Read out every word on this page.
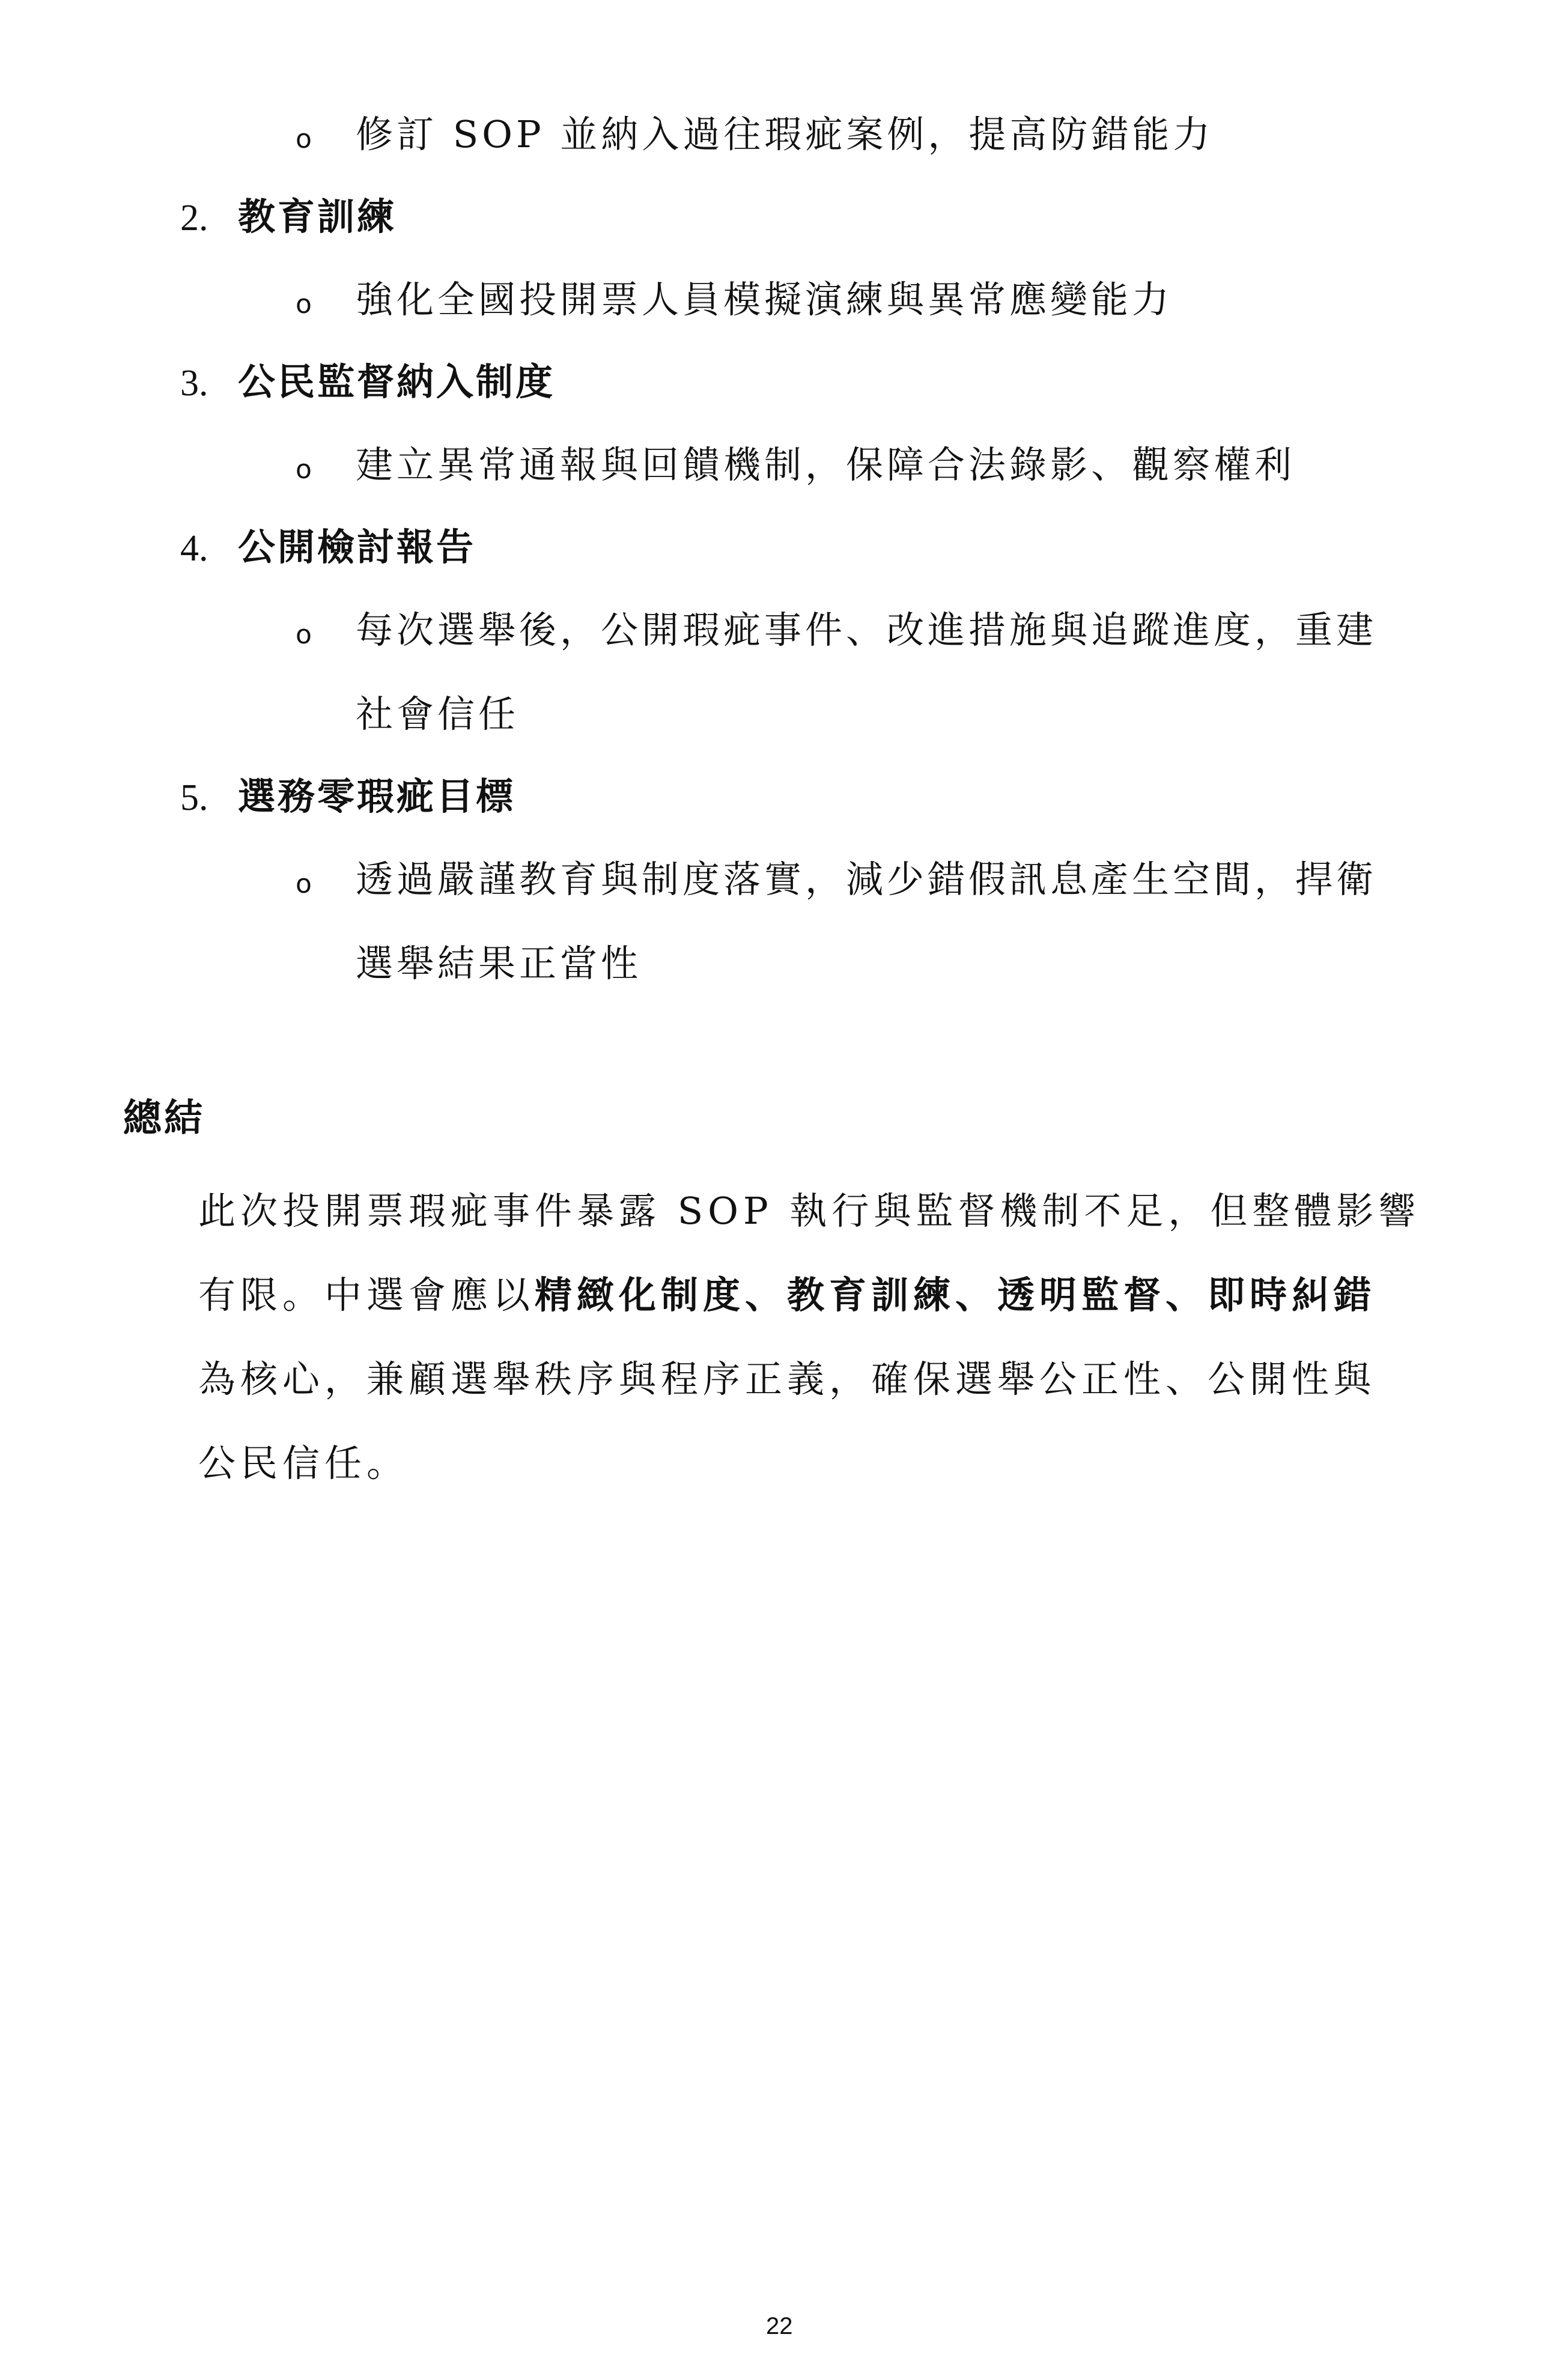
o 修訂 SOP 並納入過往瑕疵案例，提高防錯能力
2. 教育訓練
o 強化全國投開票人員模擬演練與異常應變能力
3. 公民監督納入制度
o 建立異常通報與回饋機制，保障合法錄影、觀察權利
4. 公開檢討報告
o 每次選舉後，公開瑕疵事件、改進措施與追蹤進度，重建
社會信任
5. 選務零瑕疵目標
o 透過嚴謹教育與制度落實，減少錯假訊息產生空間，捍衛
選舉結果正當性
總結
此次投開票瑕疵事件暴露 SOP 執行與監督機制不足，但整體影響
有限。中選會應以精緻化制度、教育訓練、透明監督、即時糾錯
為核心，兼顧選舉秩序與程序正義，確保選舉公正性、公開性與
公民信任。
22
